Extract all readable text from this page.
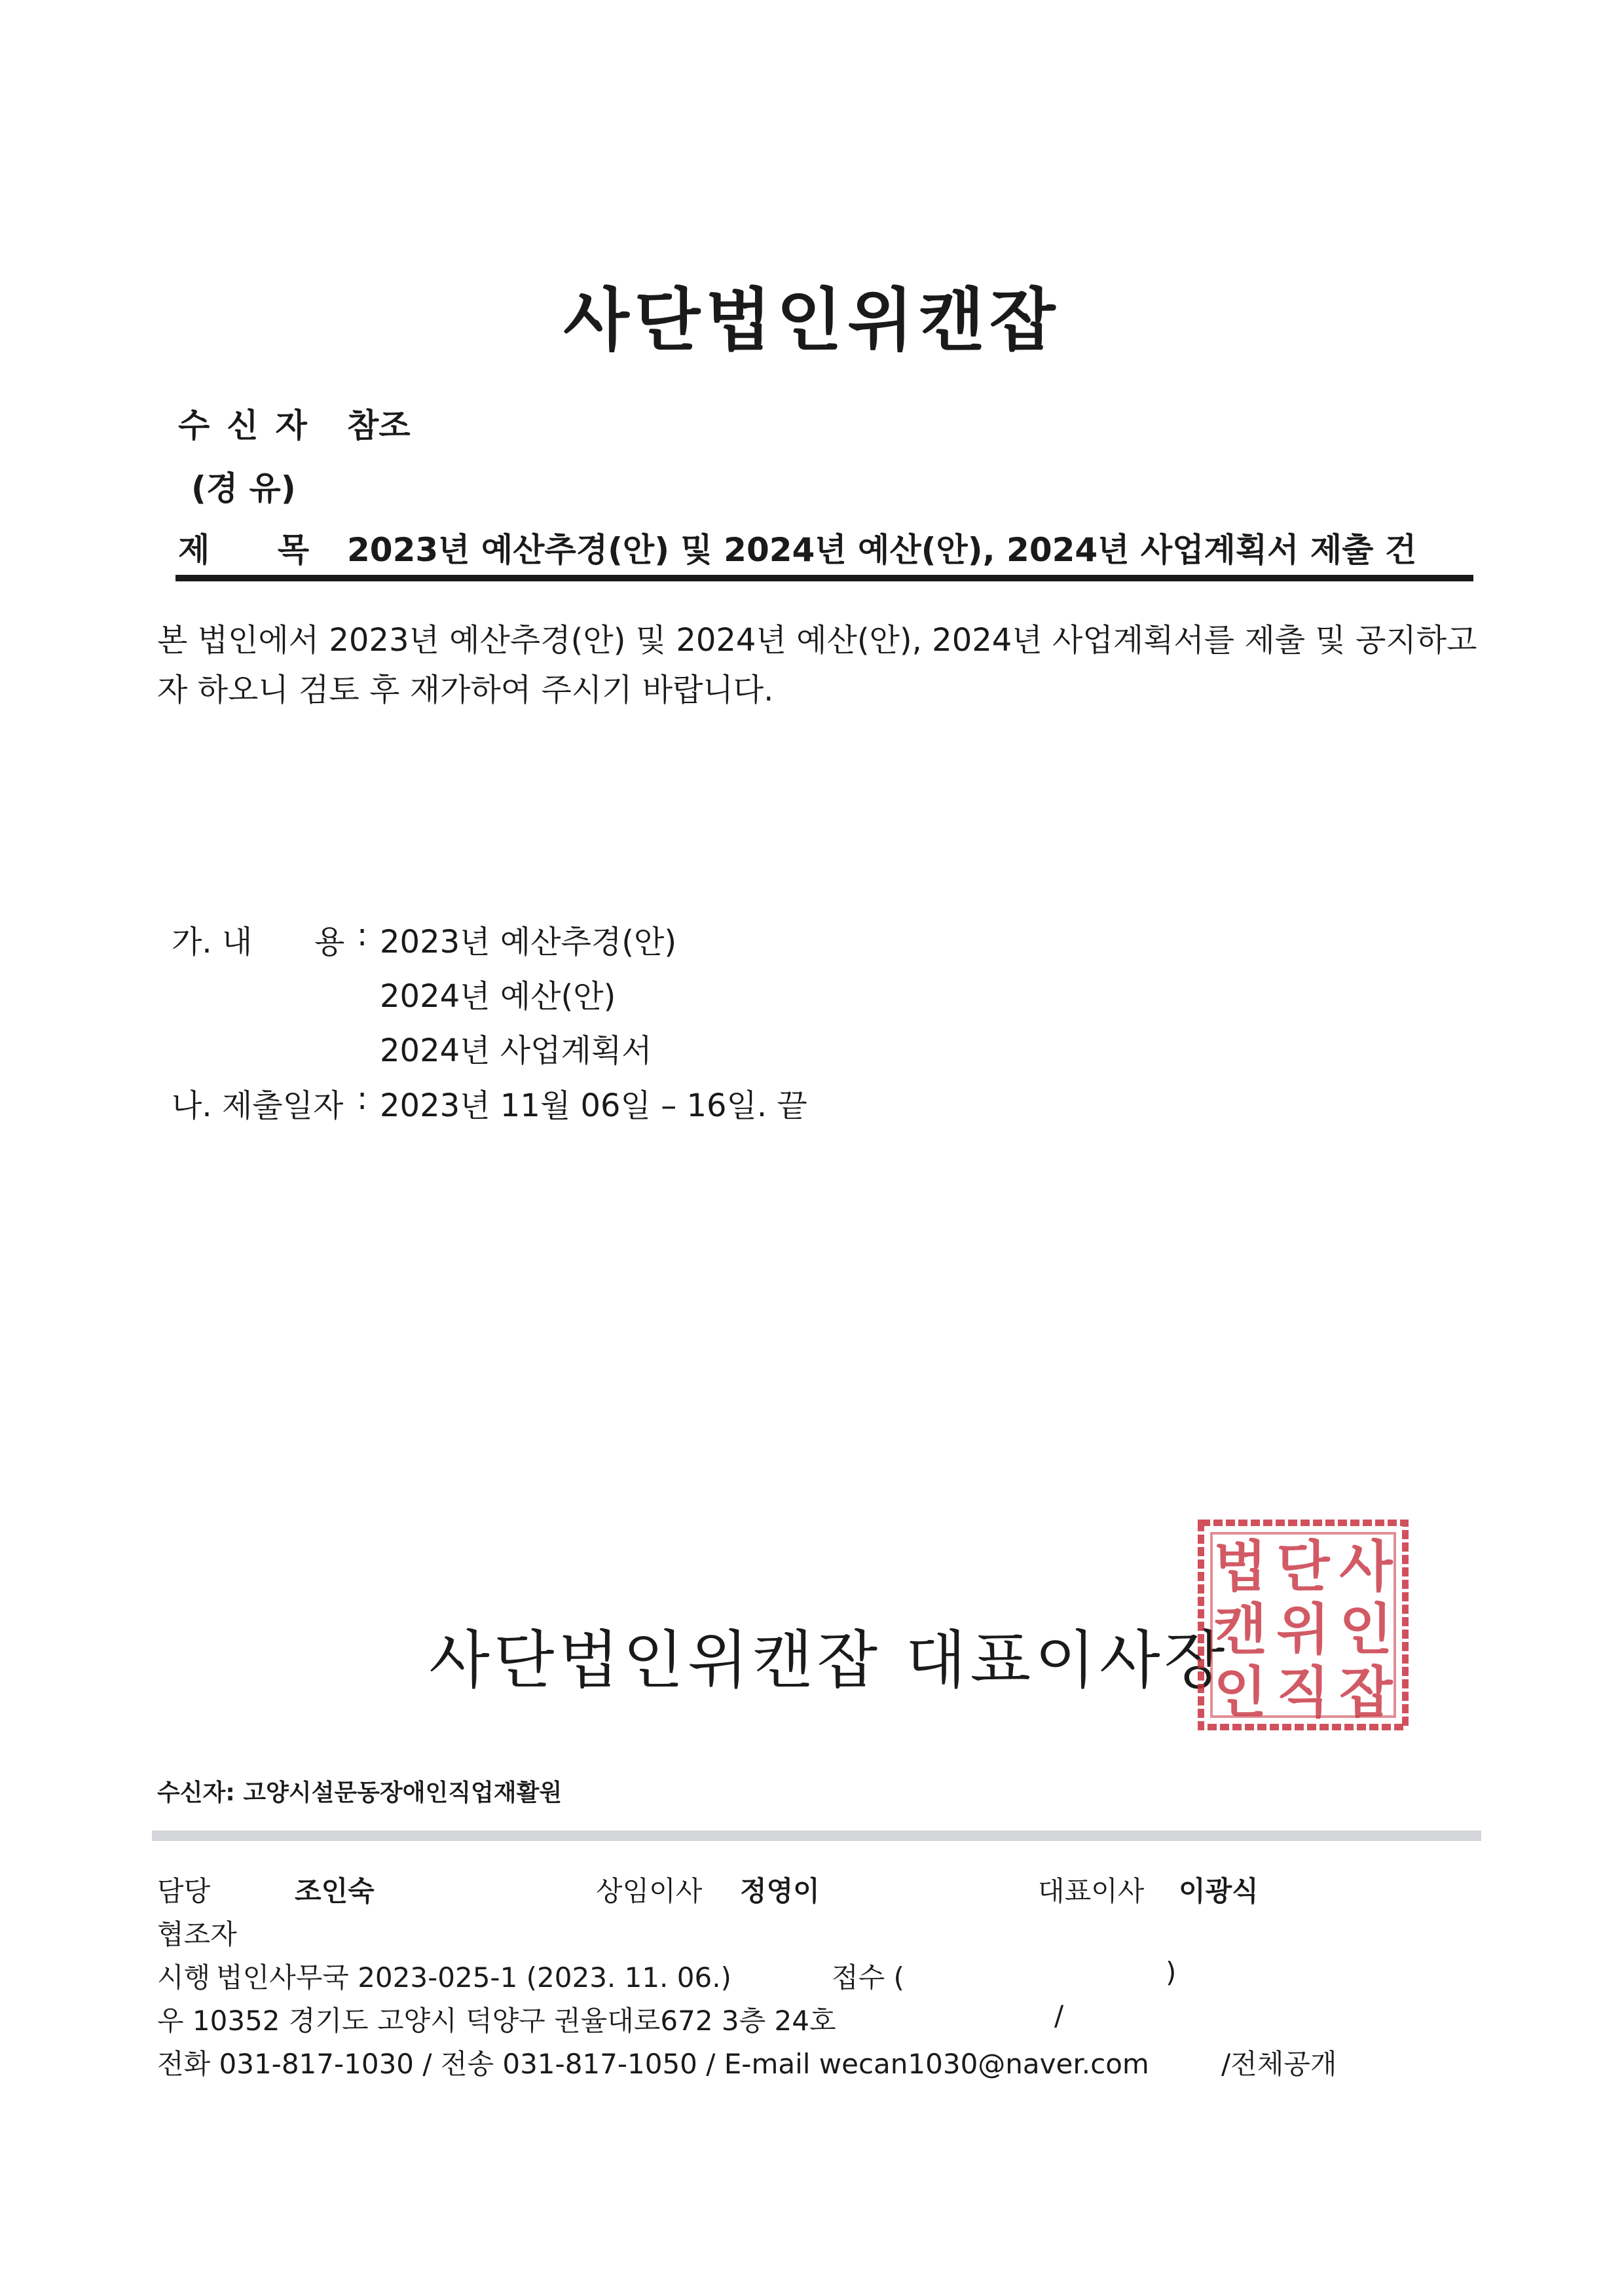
사단법인위캔잡
수신자 참조
(경 유)
제 목 2023년 예산추경(안) 및 2024년 예산(안), 2024년 사업계획서 제출 건
본 법인에서 2023년 예산추경(안) 및 2024년 예산(안), 2024년 사업계획서를 제출 및 공지하고자 하오니 검토 후 재가하여 주시기 바랍니다.
가. 내 용 : 2023년 예산추경(안)
2024년 예산(안)
2024년 사업계획서
나. 제출일자 : 2023년 11월 06일 – 16일. 끝
사단법인위캔잡 대표이사장
법 단 사
캔 위 인
인 직 잡
수신자: 고양시설문동장애인직업재활원
담당	조인숙	상임이사 정영이	대표이사 이광식
협조자
시행 법인사무국 2023-025-1 (2023. 11. 06.)	접수 (	)
우 10352 경기도 고양시 덕양구 권율대로672 3층 24호	/
전화 031-817-1030 / 전송 031-817-1050 / E-mail wecan1030@naver.com	/전체공개
